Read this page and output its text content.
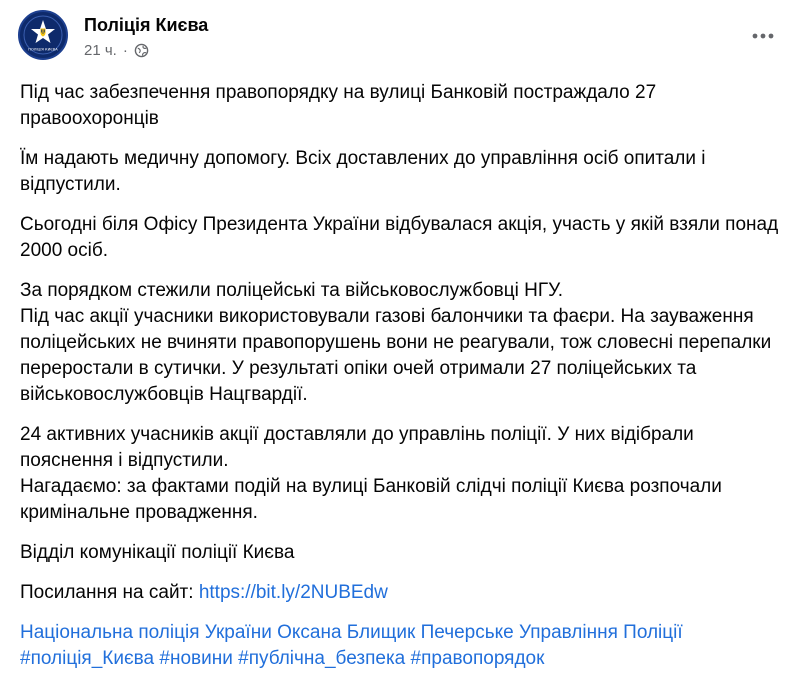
ПОЛІЦІЯ КИЄВА
Поліція Києва
21 ч. ·

Під час забезпечення правопорядку на вулиці Банковій постраждало 27 правоохоронців

Їм надають медичну допомогу. Всіх доставлених до управління осіб опитали і відпустили.

Сьогодні біля Офісу Президента України відбувалася акція, участь у якій взяли понад 2000 осіб.

За порядком стежили поліцейські та військовослужбовці НГУ.
Під час акції учасники використовували газові балончики та фаєри. На зауваження поліцейських не вчиняти правопорушень вони не реагували, тож словесні перепалки переростали в сутички. У результаті опіки очей отримали 27 поліцейських та військовослужбовців Нацгвардії.

24 активних учасників акції доставляли до управлінь поліції. У них відібрали пояснення і відпустили.
Нагадаємо: за фактами подій на вулиці Банковій слідчі поліції Києва розпочали кримінальне провадження.

Відділ комунікації поліції Києва

Посилання на сайт: https://bit.ly/2NUBEdw

Національна поліція України Оксана Блищик Печерське Управління Поліції
#поліція_Києва #новини #публічна_безпека #правопорядок
